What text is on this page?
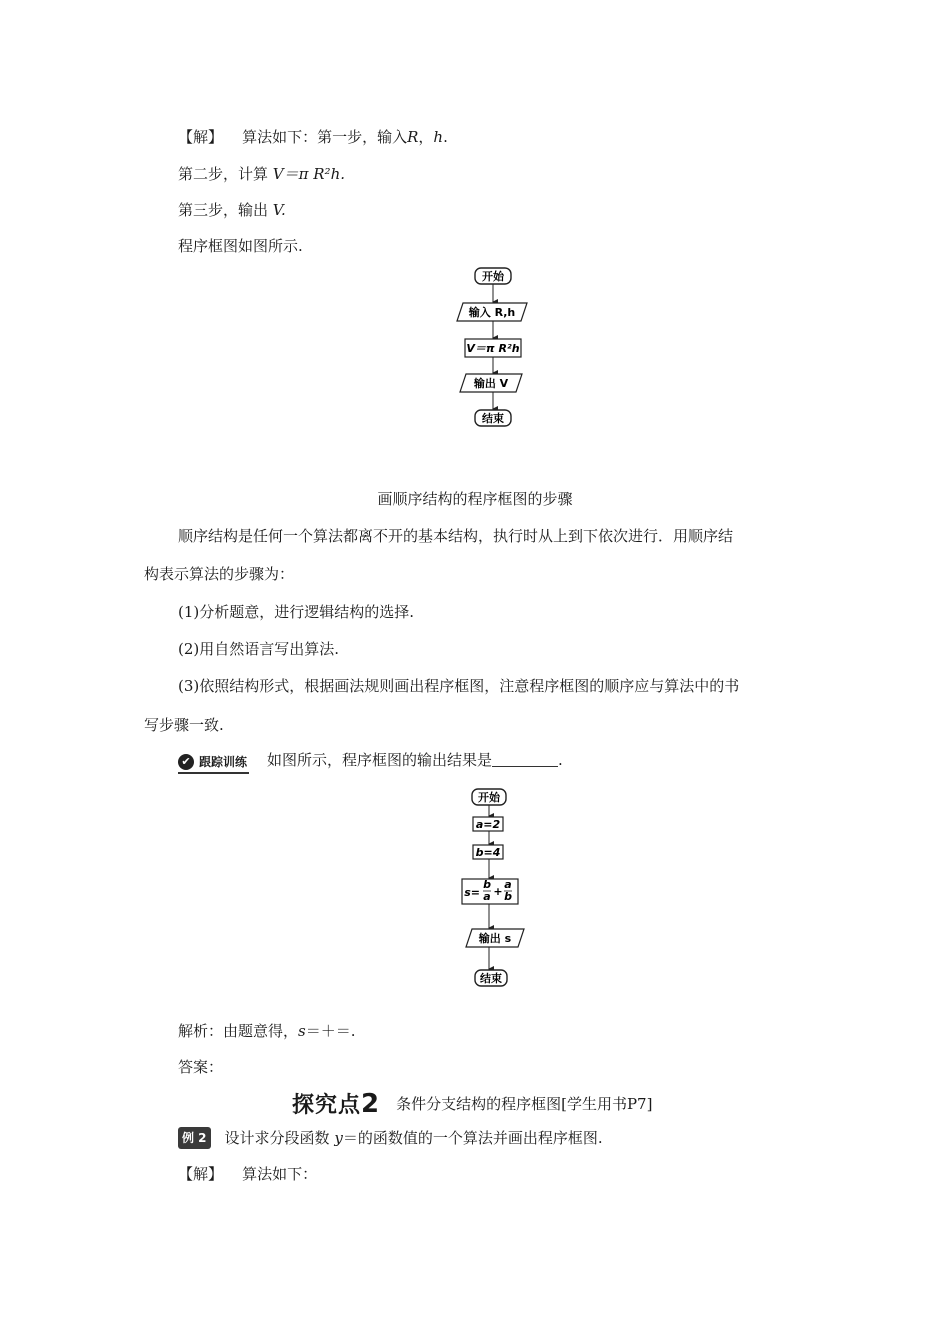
【解】 算法如下：第一步，输入R，h.
第二步，计算 V＝π R²h.
第三步，输出 V.
程序框图如图所示.
开始
输入 R,h
V＝π R²h
输出 V
结束
画顺序结构的程序框图的步骤
顺序结构是任何一个算法都离不开的基本结构，执行时从上到下依次进行．用顺序结
构表示算法的步骤为：
(1)分析题意，进行逻辑结构的选择.
(2)用自然语言写出算法.
(3)依照结构形式，根据画法规则画出程序框图，注意程序框图的顺序应与算法中的书
写步骤一致.
✔ 跟踪训练 如图所示，程序框图的输出结果是	.
开始
a=2
b=4
s=
b
a +
a
b
输出 s
结束
解析：由题意得，s＝＋＝.
答案：
探究点2 条件分支结构的程序框图[学生用书P7]
例 2 设计求分段函数 y＝的函数值的一个算法并画出程序框图.
【解】 算法如下：
